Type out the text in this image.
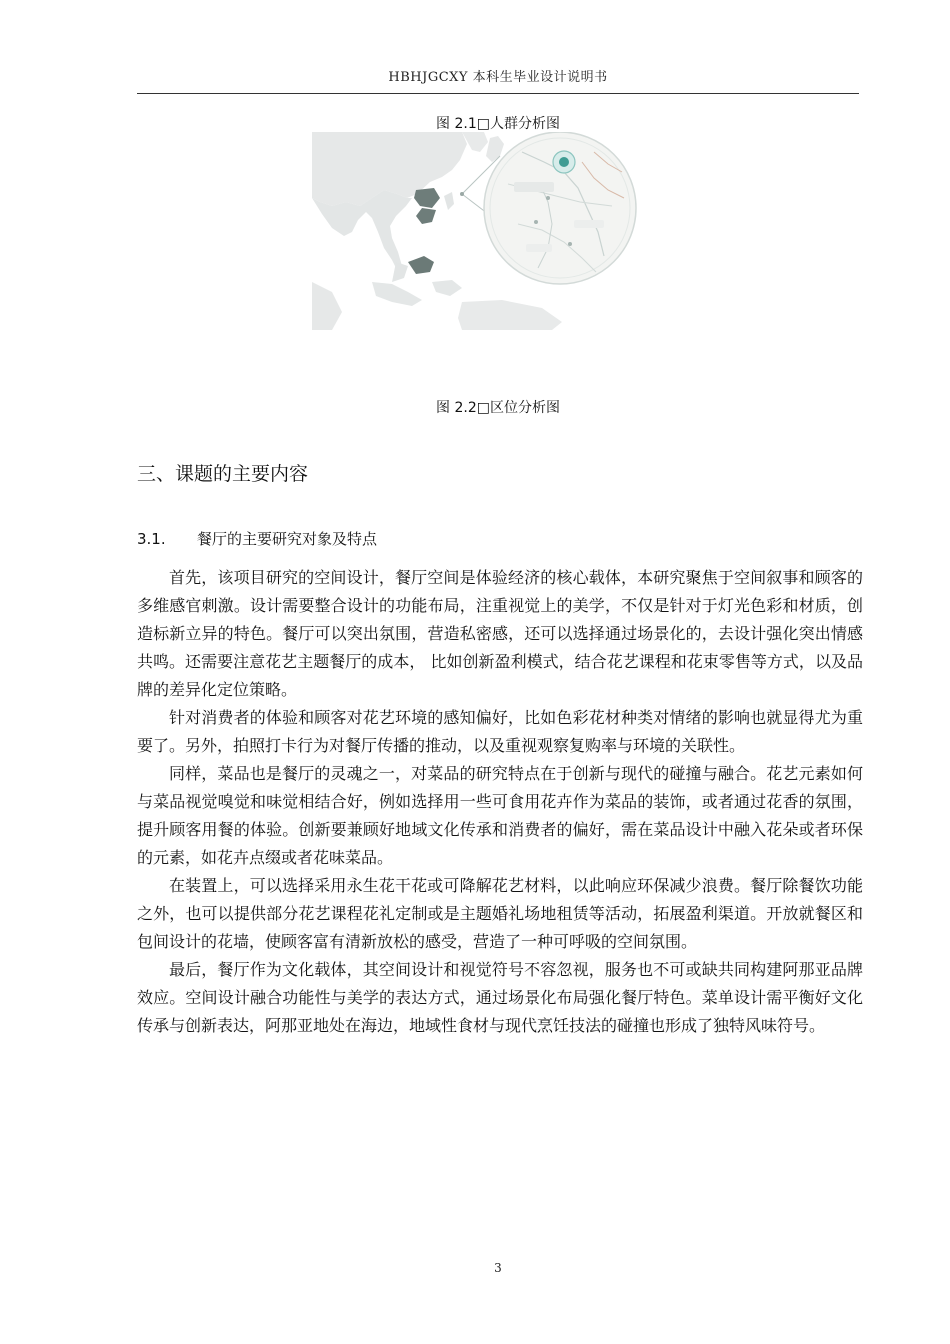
HBHJGCXY 本科生毕业设计说明书
图 2.1□人群分析图
图 2.2□区位分析图
三、课题的主要内容
3.1. 餐厅的主要研究对象及特点

首先，该项目研究的空间设计，餐厅空间是体验经济的核心载体，本研究聚焦于空间叙事和顾客的多维感官刺激。设计需要整合设计的功能布局，注重视觉上的美学，不仅是针对于灯光色彩和材质，创造标新立异的特色。餐厅可以突出氛围，营造私密感，还可以选择通过场景化的，去设计强化突出情感共鸣。还需要注意花艺主题餐厅的成本， 比如创新盈利模式，结合花艺课程和花束零售等方式，以及品牌的差异化定位策略。

针对消费者的体验和顾客对花艺环境的感知偏好，比如色彩花材种类对情绪的影响也就显得尤为重要了。另外，拍照打卡行为对餐厅传播的推动，以及重视观察复购率与环境的关联性。

同样，菜品也是餐厅的灵魂之一，对菜品的研究特点在于创新与现代的碰撞与融合。花艺元素如何与菜品视觉嗅觉和味觉相结合好，例如选择用一些可食用花卉作为菜品的装饰，或者通过花香的氛围，提升顾客用餐的体验。创新要兼顾好地域文化传承和消费者的偏好，需在菜品设计中融入花朵或者环保的元素，如花卉点缀或者花味菜品。

在装置上，可以选择采用永生花干花或可降解花艺材料，以此响应环保减少浪费。餐厅除餐饮功能之外，也可以提供部分花艺课程花礼定制或是主题婚礼场地租赁等活动，拓展盈利渠道。开放就餐区和包间设计的花墙，使顾客富有清新放松的感受，营造了一种可呼吸的空间氛围。

最后，餐厅作为文化载体，其空间设计和视觉符号不容忽视，服务也不可或缺共同构建阿那亚品牌效应。空间设计融合功能性与美学的表达方式，通过场景化布局强化餐厅特色。菜单设计需平衡好文化传承与创新表达，阿那亚地处在海边，地域性食材与现代烹饪技法的碰撞也形成了独特风味符号。

3
